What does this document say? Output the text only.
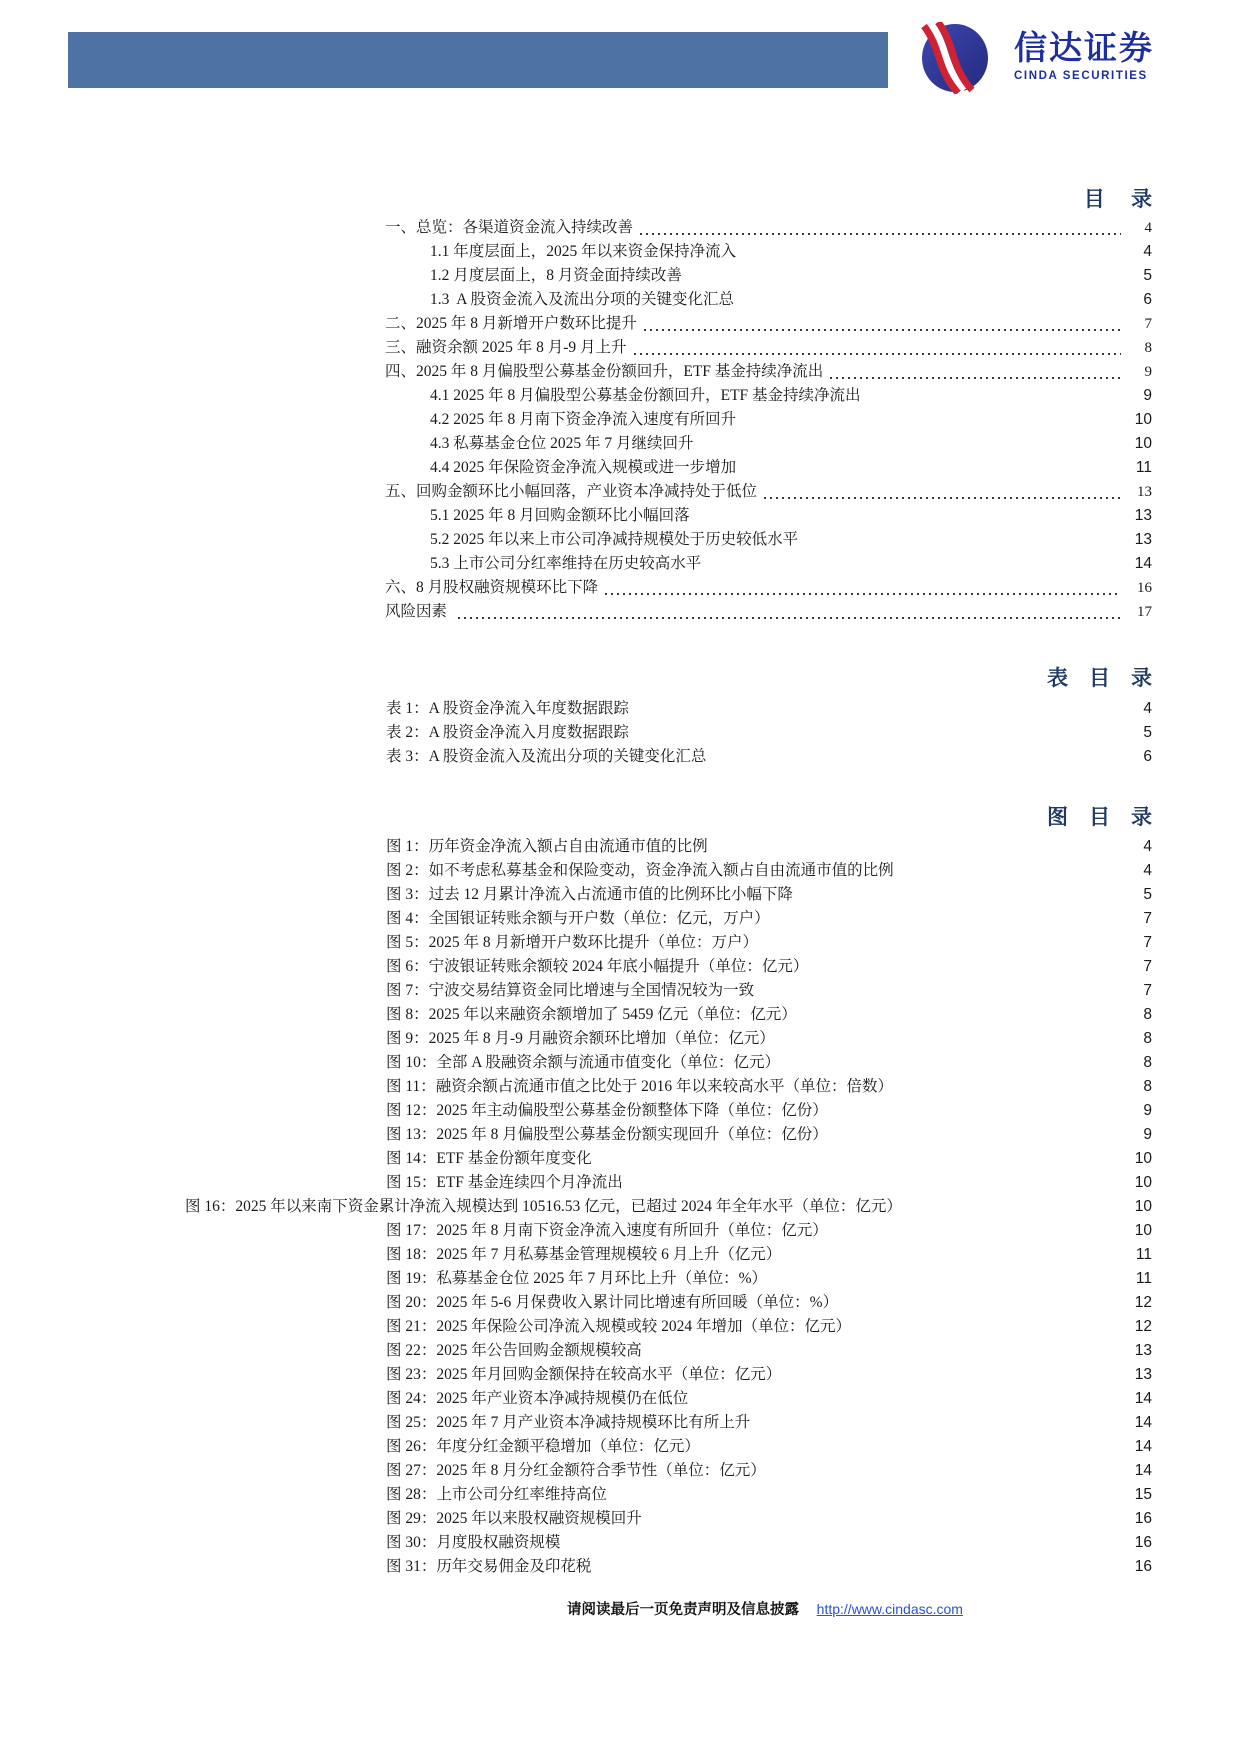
信达证券
CINDA SECURITIES
目　 录
一、总览：各渠道资金流入持续改善	4
1.1 年度层面上，2025 年以来资金保持净流入	4
1.2 月度层面上，8 月资金面持续改善	5
1.3  A 股资金流入及流出分项的关键变化汇总	6
二、2025 年 8 月新增开户数环比提升	7
三、融资余额 2025 年 8 月-9 月上升	8
四、2025 年 8 月偏股型公募基金份额回升，ETF 基金持续净流出	9
4.1 2025 年 8 月偏股型公募基金份额回升，ETF 基金持续净流出	9
4.2 2025 年 8 月南下资金净流入速度有所回升	10
4.3 私募基金仓位 2025 年 7 月继续回升	10
4.4 2025 年保险资金净流入规模或进一步增加	11
五、回购金额环比小幅回落，产业资本净减持处于低位	13
5.1 2025 年 8 月回购金额环比小幅回落	13
5.2 2025 年以来上市公司净减持规模处于历史较低水平	13
5.3 上市公司分红率维持在历史较高水平	14
六、8 月股权融资规模环比下降	16
风险因素	17
表　目　录
表 1：A 股资金净流入年度数据跟踪	4
表 2：A 股资金净流入月度数据跟踪	5
表 3：A 股资金流入及流出分项的关键变化汇总	6
图　目　录
图 1：历年资金净流入额占自由流通市值的比例	4
图 2：如不考虑私募基金和保险变动，资金净流入额占自由流通市值的比例	4
图 3：过去 12 月累计净流入占流通市值的比例环比小幅下降	5
图 4：全国银证转账余额与开户数（单位：亿元，万户）	7
图 5：2025 年 8 月新增开户数环比提升（单位：万户）	7
图 6：宁波银证转账余额较 2024 年底小幅提升（单位：亿元）	7
图 7：宁波交易结算资金同比增速与全国情况较为一致	7
图 8：2025 年以来融资余额增加了 5459 亿元（单位：亿元）	8
图 9：2025 年 8 月-9 月融资余额环比增加（单位：亿元）	8
图 10：全部 A 股融资余额与流通市值变化（单位：亿元）	8
图 11：融资余额占流通市值之比处于 2016 年以来较高水平（单位：倍数）	8
图 12：2025 年主动偏股型公募基金份额整体下降（单位：亿份）	9
图 13：2025 年 8 月偏股型公募基金份额实现回升（单位：亿份）	9
图 14：ETF 基金份额年度变化	10
图 15：ETF 基金连续四个月净流出	10
图 16：2025 年以来南下资金累计净流入规模达到 10516.53 亿元，已超过 2024 年全年水平（单位：亿元）	10
图 17：2025 年 8 月南下资金净流入速度有所回升（单位：亿元）	10
图 18：2025 年 7 月私募基金管理规模较 6 月上升（亿元）	11
图 19：私募基金仓位 2025 年 7 月环比上升（单位：%）	11
图 20：2025 年 5-6 月保费收入累计同比增速有所回暖（单位：%）	12
图 21：2025 年保险公司净流入规模或较 2024 年增加（单位：亿元）	12
图 22：2025 年公告回购金额规模较高	13
图 23：2025 年月回购金额保持在较高水平（单位：亿元）	13
图 24：2025 年产业资本净减持规模仍在低位	14
图 25：2025 年 7 月产业资本净减持规模环比有所上升	14
图 26：年度分红金额平稳增加（单位：亿元）	14
图 27：2025 年 8 月分红金额符合季节性（单位：亿元）	14
图 28：上市公司分红率维持高位	15
图 29：2025 年以来股权融资规模回升	16
图 30：月度股权融资规模	16
图 31：历年交易佣金及印花税	16
请阅读最后一页免责声明及信息披露 http://www.cindasc.com
